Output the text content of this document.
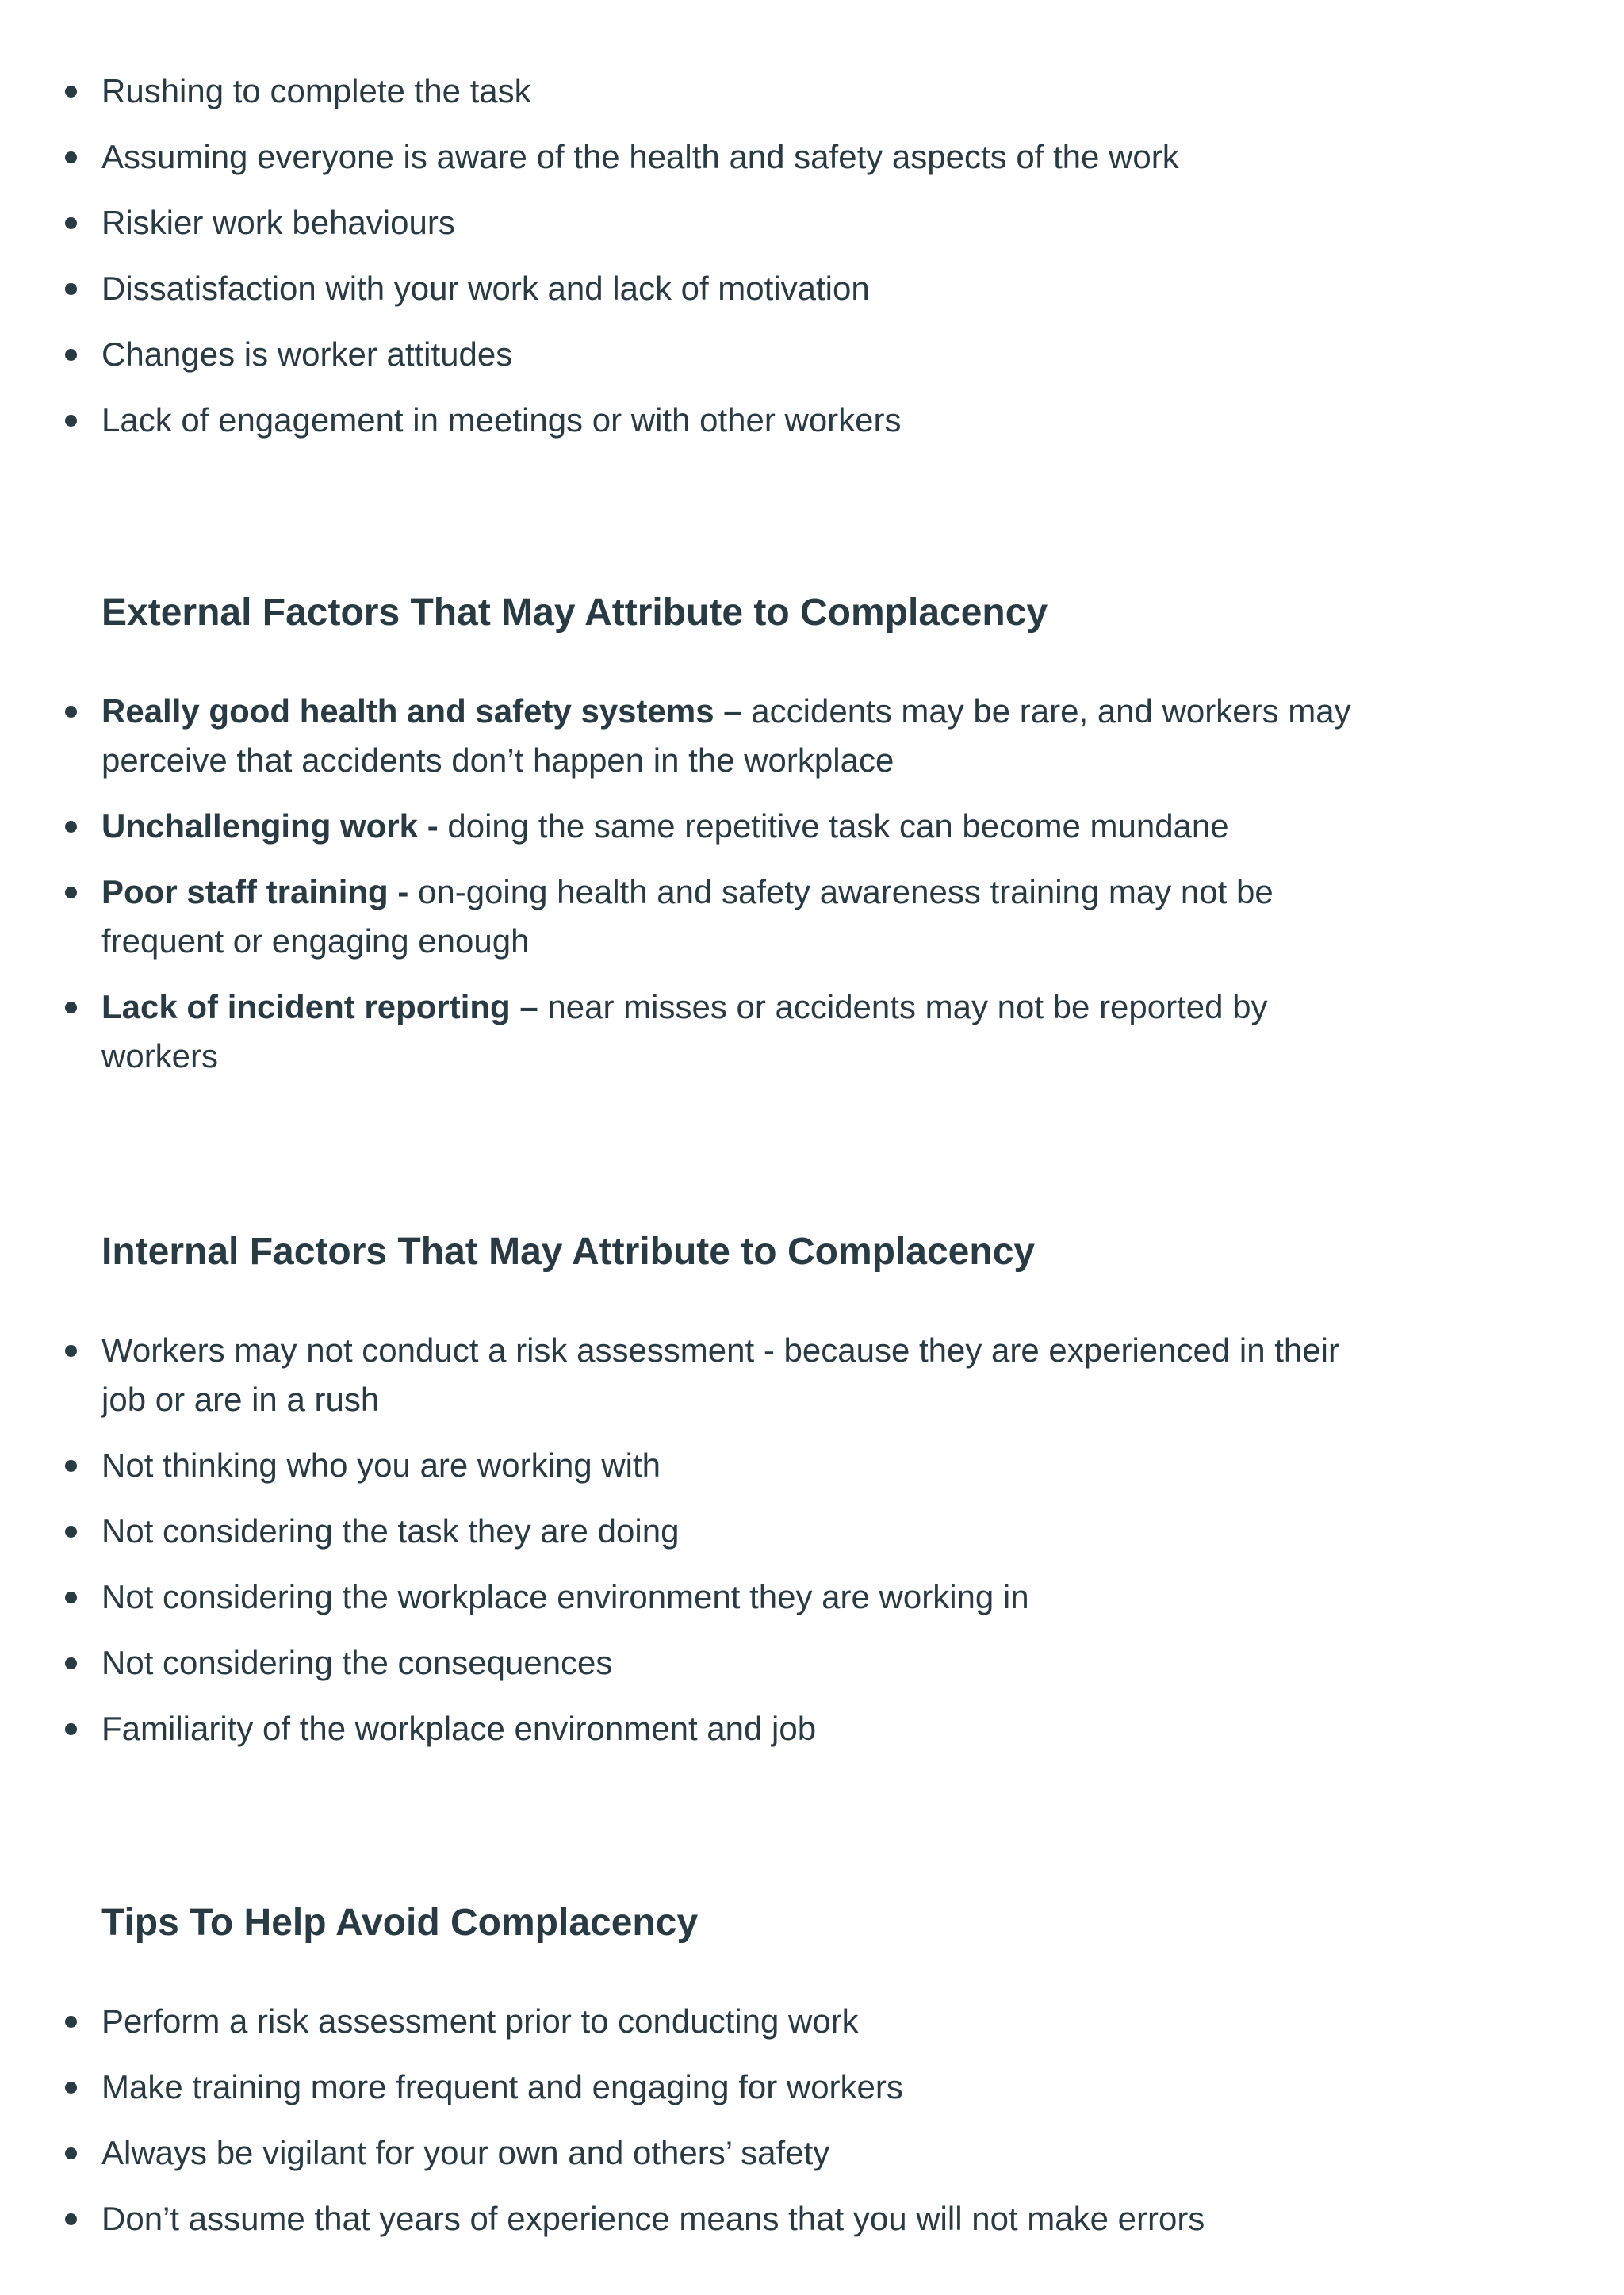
Rushing to complete the task
Assuming everyone is aware of the health and safety aspects of the work
Riskier work behaviours
Dissatisfaction with your work and lack of motivation
Changes is worker attitudes
Lack of engagement in meetings or with other workers
External Factors That May Attribute to Complacency
Really good health and safety systems – accidents may be rare, and workers may perceive that accidents don’t happen in the workplace
Unchallenging work - doing the same repetitive task can become mundane
Poor staff training - on-going health and safety awareness training may not be frequent or engaging enough
Lack of incident reporting – near misses or accidents may not be reported by workers
Internal Factors That May Attribute to Complacency
Workers may not conduct a risk assessment - because they are experienced in their job or are in a rush
Not thinking who you are working with
Not considering the task they are doing
Not considering the workplace environment they are working in
Not considering the consequences
Familiarity of the workplace environment and job
Tips To Help Avoid Complacency
Perform a risk assessment prior to conducting work
Make training more frequent and engaging for workers
Always be vigilant for your own and others’ safety
Don’t assume that years of experience means that you will not make errors
